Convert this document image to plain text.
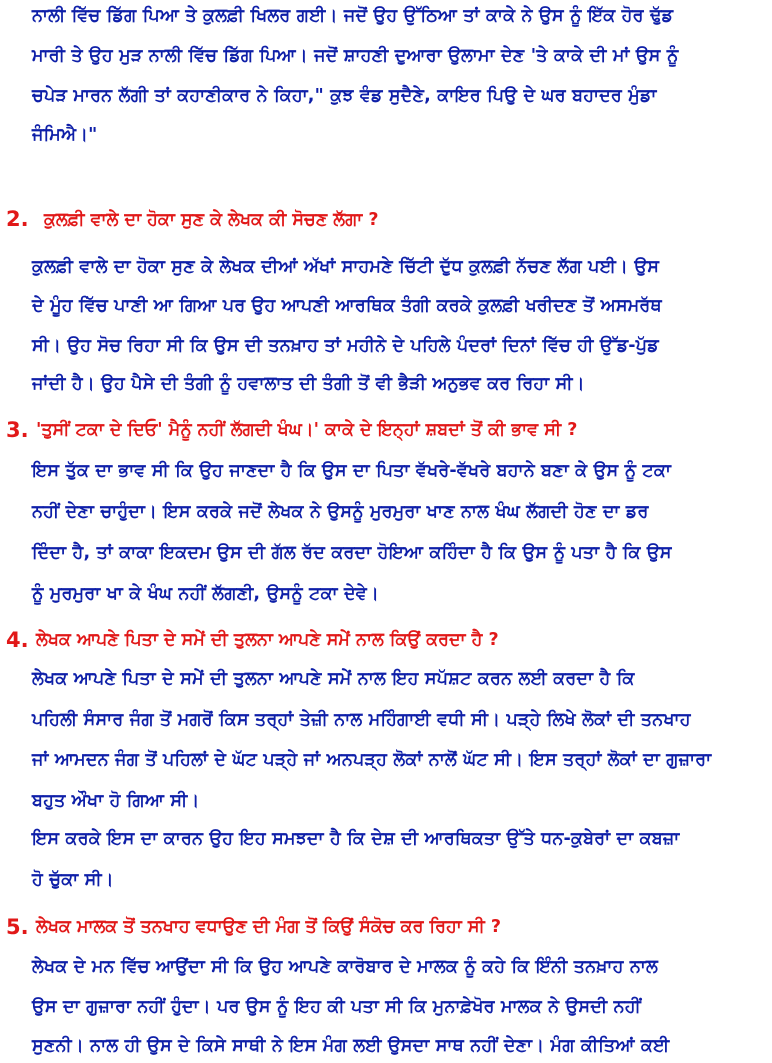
ਨਾਲੀ ਵਿੱਚ ਡਿੱਗ ਪਿਆ ਤੇ ਕੁਲਫ਼ੀ ਖਿਲਰ ਗਈ। ਜਦੋਂ ਉਹ ਉੱਠਿਆ ਤਾਂ ਕਾਕੇ ਨੇ ਉਸ ਨੂੰ ਇੱਕ ਹੋਰ ਢੁੱਡ
ਮਾਰੀ ਤੇ ਉਹ ਮੁੜ ਨਾਲੀ ਵਿੱਚ ਡਿੱਗ ਪਿਆ। ਜਦੋਂ ਸ਼ਾਹਣੀ ਦੁਆਰਾ ਉਲਾਮਾ ਦੇਣ 'ਤੇ ਕਾਕੇ ਦੀ ਮਾਂ ਉਸ ਨੂੰ
ਚਪੇੜ ਮਾਰਨ ਲੱਗੀ ਤਾਂ ਕਹਾਣੀਕਾਰ ਨੇ ਕਿਹਾ," ਕੁਝ ਵੰਡ ਸੁਦੈਣੇ, ਕਾਇਰ ਪਿਉ ਦੇ ਘਰ ਬਹਾਦਰ ਮੁੰਡਾ
ਜੰਮਿਐ।"
2. ਕੁਲਫ਼ੀ ਵਾਲੇ ਦਾ ਹੋਕਾ ਸੁਣ ਕੇ ਲੇਖਕ ਕੀ ਸੋਚਣ ਲੱਗਾ ?
ਕੁਲਫ਼ੀ ਵਾਲੇ ਦਾ ਹੋਕਾ ਸੁਣ ਕੇ ਲੇਖਕ ਦੀਆਂ ਅੱਖਾਂ ਸਾਹਮਣੇ ਚਿੱਟੀ ਦੁੱਧ ਕੁਲਫ਼ੀ ਨੱਚਣ ਲੱਗ ਪਈ। ਉਸ
ਦੇ ਮੂੰਹ ਵਿੱਚ ਪਾਣੀ ਆ ਗਿਆ ਪਰ ਉਹ ਆਪਣੀ ਆਰਥਿਕ ਤੰਗੀ ਕਰਕੇ ਕੁਲਫ਼ੀ ਖਰੀਦਣ ਤੋਂ ਅਸਮਰੱਥ
ਸੀ। ਉਹ ਸੋਚ ਰਿਹਾ ਸੀ ਕਿ ਉਸ ਦੀ ਤਨਖ਼ਾਹ ਤਾਂ ਮਹੀਨੇ ਦੇ ਪਹਿਲੇ ਪੰਦਰਾਂ ਦਿਨਾਂ ਵਿੱਚ ਹੀ ਉੱਡ-ਪੁੱਡ
ਜਾਂਦੀ ਹੈ। ਉਹ ਪੈਸੇ ਦੀ ਤੰਗੀ ਨੂੰ ਹਵਾਲਾਤ ਦੀ ਤੰਗੀ ਤੋਂ ਵੀ ਭੈੜੀ ਅਨੁਭਵ ਕਰ ਰਿਹਾ ਸੀ।
3. 'ਤੁਸੀਂ ਟਕਾ ਦੇ ਦਿਓ' ਮੈਨੂੰ ਨਹੀਂ ਲੱਗਦੀ ਖੰਘ।' ਕਾਕੇ ਦੇ ਇਨ੍ਹਾਂ ਸ਼ਬਦਾਂ ਤੋਂ ਕੀ ਭਾਵ ਸੀ ?
ਇਸ ਤੁੱਕ ਦਾ ਭਾਵ ਸੀ ਕਿ ਉਹ ਜਾਣਦਾ ਹੈ ਕਿ ਉਸ ਦਾ ਪਿਤਾ ਵੱਖਰੇ-ਵੱਖਰੇ ਬਹਾਨੇ ਬਣਾ ਕੇ ਉਸ ਨੂੰ ਟਕਾ
ਨਹੀਂ ਦੇਣਾ ਚਾਹੁੰਦਾ। ਇਸ ਕਰਕੇ ਜਦੋਂ ਲੇਖਕ ਨੇ ਉਸਨੂੰ ਮੁਰਮੁਰਾ ਖਾਣ ਨਾਲ ਖੰਘ ਲੱਗਦੀ ਹੋਣ ਦਾ ਡਰ
ਦਿੰਦਾ ਹੈ, ਤਾਂ ਕਾਕਾ ਇਕਦਮ ਉਸ ਦੀ ਗੱਲ ਰੱਦ ਕਰਦਾ ਹੋਇਆ ਕਹਿੰਦਾ ਹੈ ਕਿ ਉਸ ਨੂੰ ਪਤਾ ਹੈ ਕਿ ਉਸ
ਨੂੰ ਮੁਰਮੁਰਾ ਖਾ ਕੇ ਖੰਘ ਨਹੀਂ ਲੱਗਣੀ, ਉਸਨੂੰ ਟਕਾ ਦੇਵੇ।
4. ਲੇਖਕ ਆਪਣੇ ਪਿਤਾ ਦੇ ਸਮੇਂ ਦੀ ਤੁਲਨਾ ਆਪਣੇ ਸਮੇਂ ਨਾਲ ਕਿਉਂ ਕਰਦਾ ਹੈ ?
ਲੇਖਕ ਆਪਣੇ ਪਿਤਾ ਦੇ ਸਮੇਂ ਦੀ ਤੁਲਨਾ ਆਪਣੇ ਸਮੇਂ ਨਾਲ ਇਹ ਸਪੱਸ਼ਟ ਕਰਨ ਲਈ ਕਰਦਾ ਹੈ ਕਿ
ਪਹਿਲੀ ਸੰਸਾਰ ਜੰਗ ਤੋਂ ਮਗਰੋਂ ਕਿਸ ਤਰ੍ਹਾਂ ਤੇਜ਼ੀ ਨਾਲ ਮਹਿੰਗਾਈ ਵਧੀ ਸੀ। ਪੜ੍ਹੇ ਲਿਖੇ ਲੋਕਾਂ ਦੀ ਤਨਖਾਹ
ਜਾਂ ਆਮਦਨ ਜੰਗ ਤੋਂ ਪਹਿਲਾਂ ਦੇ ਘੱਟ ਪੜ੍ਹੇ ਜਾਂ ਅਨਪੜ੍ਹ ਲੋਕਾਂ ਨਾਲੋਂ ਘੱਟ ਸੀ। ਇਸ ਤਰ੍ਹਾਂ ਲੋਕਾਂ ਦਾ ਗੁਜ਼ਾਰਾ
ਬਹੁਤ ਔਖਾ ਹੋ ਗਿਆ ਸੀ।
ਇਸ ਕਰਕੇ ਇਸ ਦਾ ਕਾਰਨ ਉਹ ਇਹ ਸਮਝਦਾ ਹੈ ਕਿ ਦੇਸ਼ ਦੀ ਆਰਥਿਕਤਾ ਉੱਤੇ ਧਨ-ਕੁਬੇਰਾਂ ਦਾ ਕਬਜ਼ਾ
ਹੋ ਚੁੱਕਾ ਸੀ।
5. ਲੇਖਕ ਮਾਲਕ ਤੋਂ ਤਨਖਾਹ ਵਧਾਉਣ ਦੀ ਮੰਗ ਤੋਂ ਕਿਉਂ ਸੰਕੋਚ ਕਰ ਰਿਹਾ ਸੀ ?
ਲੇਖਕ ਦੇ ਮਨ ਵਿੱਚ ਆਉਂਦਾ ਸੀ ਕਿ ਉਹ ਆਪਣੇ ਕਾਰੋਬਾਰ ਦੇ ਮਾਲਕ ਨੂੰ ਕਹੇ ਕਿ ਇੰਨੀ ਤਨਖ਼ਾਹ ਨਾਲ
ਉਸ ਦਾ ਗੁਜ਼ਾਰਾ ਨਹੀਂ ਹੁੰਦਾ। ਪਰ ਉਸ ਨੂੰ ਇਹ ਕੀ ਪਤਾ ਸੀ ਕਿ ਮੁਨਾਫ਼ੇਖੋਰ ਮਾਲਕ ਨੇ ਉਸਦੀ ਨਹੀਂ
ਸੁਣਨੀ। ਨਾਲ ਹੀ ਉਸ ਦੇ ਕਿਸੇ ਸਾਥੀ ਨੇ ਇਸ ਮੰਗ ਲਈ ਉਸਦਾ ਸਾਥ ਨਹੀਂ ਦੇਣਾ। ਮੰਗ ਕੀਤਿਆਂ ਕਈ
